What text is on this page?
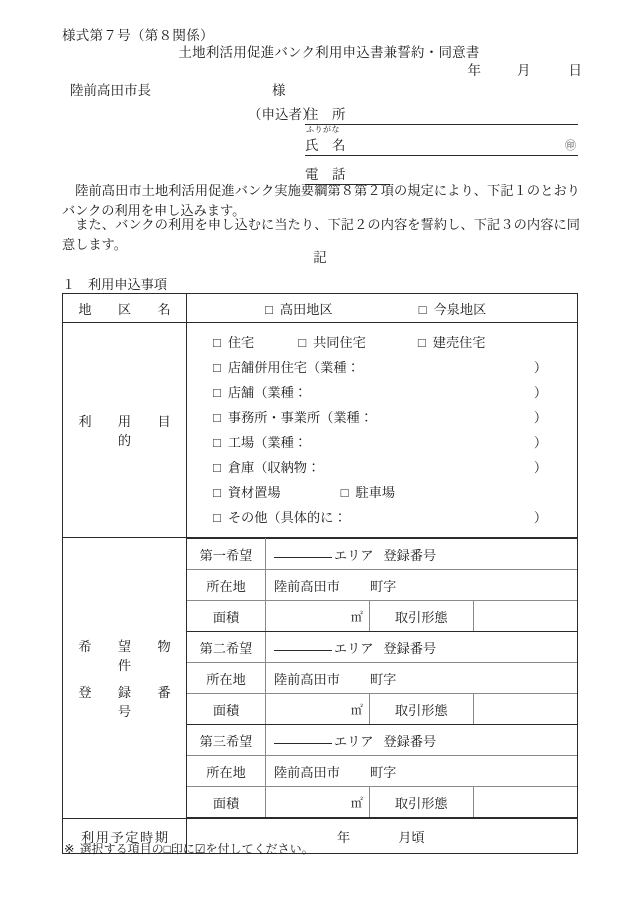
様式第７号（第８関係）
土地利活用促進バンク利用申込書兼誓約・同意書
年	月	日
陸前高田市長	様
（申込者）
住　所
ふりがな
氏　名	㊞
電　話
陸前高田市土地利活用促進バンク実施要綱第８第２項の規定により、下記１のとおりバンクの利用を申し込みます。
また、バンクの利用を申し込むに当たり、下記２の内容を誓約し、下記３の内容に同意します。
記
１ 利用申込事項
地　区　名	□ 高田地区	□ 今泉地区

利　用　目　的	
□ 住宅	□ 共同住宅	□ 建売住宅
□ 店舗併用住宅（業種：	）
□ 店舗（業種：	）
□ 事務所・事業所（業種：	）
□ 工場（業種：	）
□ 倉庫（収納物：	）
□ 資材置場	□ 駐車場
□ その他（具体的に：	）

希　望　物　件
登　録　番　号

第一希望	エリア 登録番号
所在地	陸前高田市 町字
面積	㎡	取引形態	
第二希望	エリア 登録番号
所在地	陸前高田市 町字
面積	㎡	取引形態	
第三希望	エリア 登録番号
所在地	陸前高田市 町字
面積	㎡	取引形態	

利用予定時期	年	月頃
※ 選択する項目の□印に☑を付してください。
